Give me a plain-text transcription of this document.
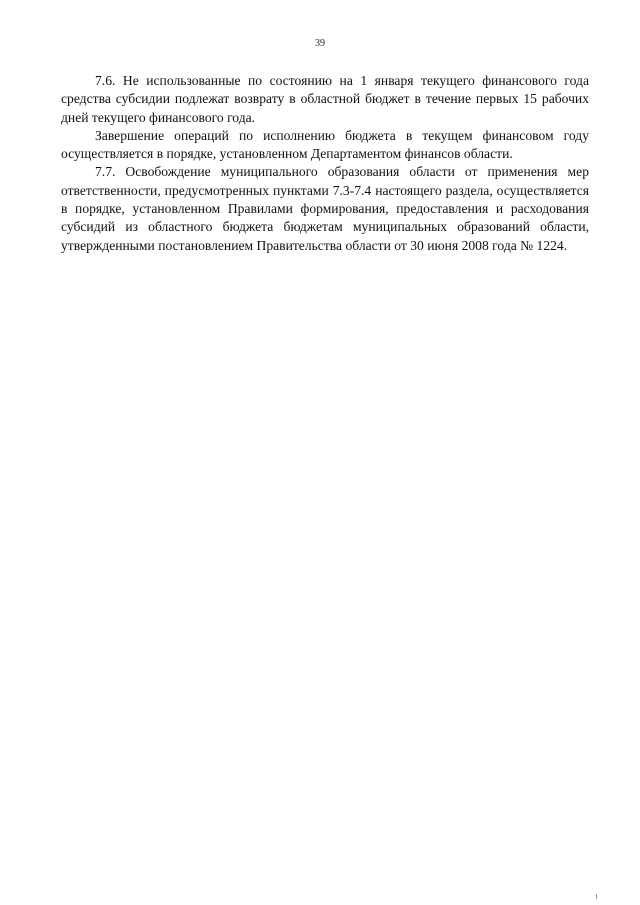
39

7.6. Не использованные по состоянию на 1 января текущего финансового года средства субсидии подлежат возврату в областной бюджет в течение первых 15 рабочих дней текущего финансового года.

Завершение операций по исполнению бюджета в текущем финансовом году осуществляется в порядке, установленном Департаментом финансов области.

7.7. Освобождение муниципального образования области от применения мер ответственности, предусмотренных пунктами 7.3-7.4 настоящего раздела, осуществляется в порядке, установленном Правилами формирования, предоставления и расходования субсидий из областного бюджета бюджетам муниципальных образований области, утвержденными постановлением Правительства области от 30 июня 2008 года № 1224.
